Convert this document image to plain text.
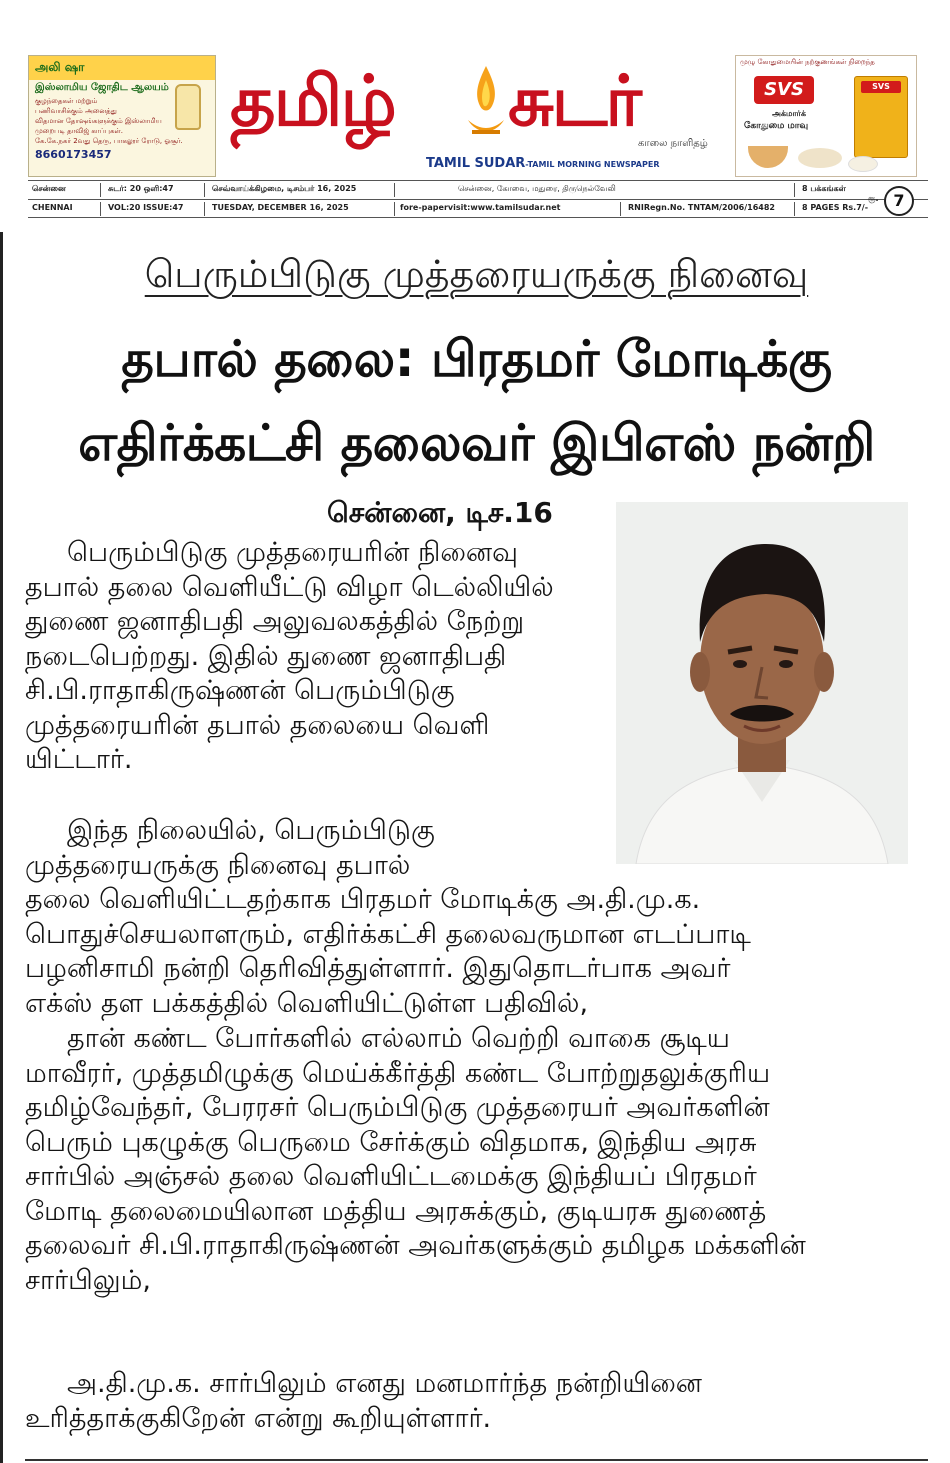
அலி ஷா
இஸ்லாமிய ஜோதிட ஆலயம்
குழந்தைகள் மற்றும்
பணிவாசிக்கும் அனைத்து
விதமான தோஷங்களுக்கும் இஸ்லாமிய
முறைபடி தாவிஜ் காப்புகள்.
கே.கே.நகர் 2வது தெரு, பாகலூர் ரோடு, ஓசூர்.
8660173457
தமிழ் சுடர்
TAMIL SUDAR-TAMIL MORNING NEWSPAPER
காலை நாளிதழ்
முழு கோதுமையின் நற்குணங்கள் நிறைந்த
SVS
அக்மார்க்
கோதுமை மாவு
SVS
சென்னை	சுடர்: 20 ஒளி:47	செவ்வாய்க்கிழமை, டிசம்பர் 16, 2025	சென்னை, கோவை, மதுரை, திருநெல்வேலி	8 பக்கங்கள்
CHENNAI	VOL:20 ISSUE:47	TUESDAY, DECEMBER 16, 2025	fore-papervisit:www.tamilsudar.net	RNIRegn.No. TNTAM/2006/16482	8 PAGES Rs.7/-
ரூ. 7
பெரும்பிடுகு முத்தரையருக்கு நினைவு
தபால் தலை: பிரதமர் மோடிக்கு
எதிர்க்கட்சி தலைவர் இபிஎஸ் நன்றி
சென்னை, டிச.16
பெரும்பிடுகு முத்தரையரின் நினைவு
தபால் தலை வெளியீட்டு விழா டெல்லியில்
துணை ஜனாதிபதி அலுவலகத்தில் நேற்று
நடைபெற்றது. இதில் துணை ஜனாதிபதி
சி.பி.ராதாகிருஷ்ணன் பெரும்பிடுகு
முத்தரையரின் தபால் தலையை வெளி
யிட்டார்.
இந்த நிலையில், பெரும்பிடுகு
முத்தரையருக்கு நினைவு தபால்
தலை வெளியிட்டதற்காக பிரதமர் மோடிக்கு அ.தி.மு.க.
பொதுச்செயலாளரும், எதிர்க்கட்சி தலைவருமான எடப்பாடி
பழனிசாமி நன்றி தெரிவித்துள்ளார். இதுதொடர்பாக அவர்
எக்ஸ் தள பக்கத்தில் வெளியிட்டுள்ள பதிவில்,
தான் கண்ட போர்களில் எல்லாம் வெற்றி வாகை சூடிய
மாவீரர், முத்தமிழுக்கு மெய்க்கீர்த்தி கண்ட போற்றுதலுக்குரிய
தமிழ்வேந்தர், பேரரசர் பெரும்பிடுகு முத்தரையர் அவர்களின்
பெரும் புகழுக்கு பெருமை சேர்க்கும் விதமாக, இந்திய அரசு
சார்பில் அஞ்சல் தலை வெளியிட்டமைக்கு இந்தியப் பிரதமர்
மோடி தலைமையிலான மத்திய அரசுக்கும், குடியரசு துணைத்
தலைவர் சி.பி.ராதாகிருஷ்ணன் அவர்களுக்கும் தமிழக மக்களின்
சார்பிலும்,
அ.தி.மு.க. சார்பிலும் எனது மனமார்ந்த நன்றியினை
உரித்தாக்குகிறேன் என்று கூறியுள்ளார்.
